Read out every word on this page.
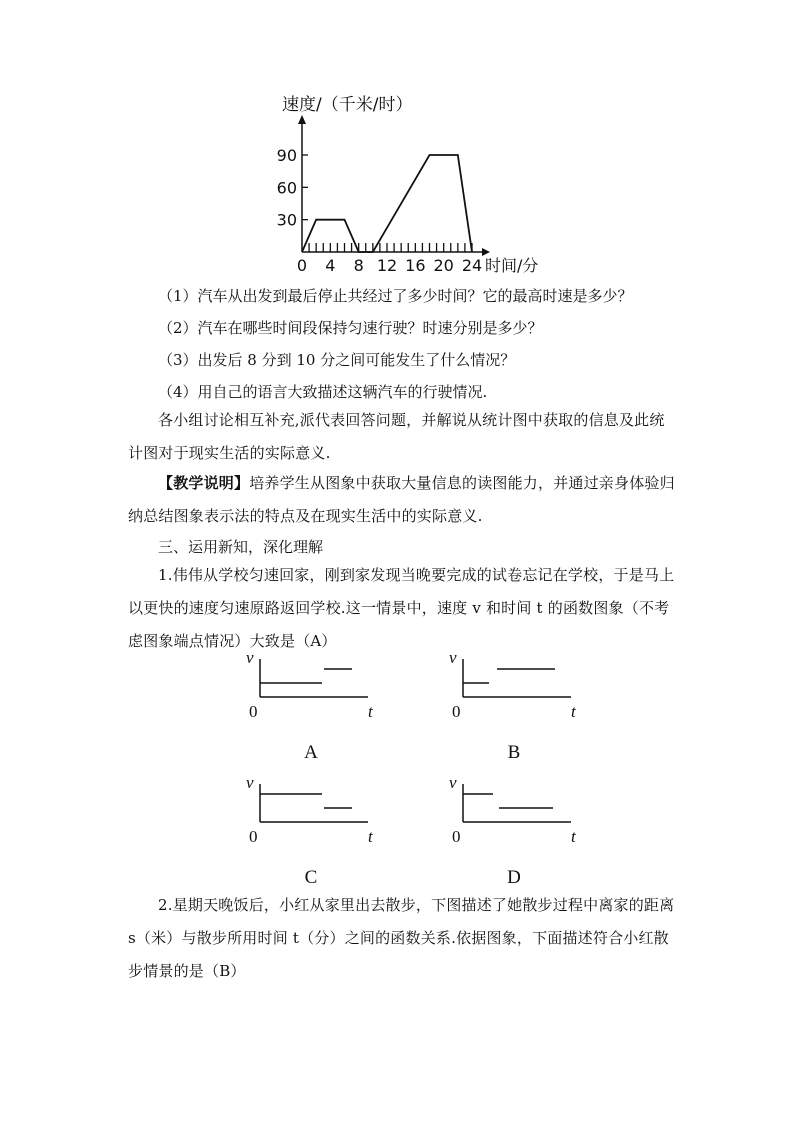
速度/（千米/时）
0 4 8 12 16 20 24
30
60
90
时间/分

（1）汽车从出发到最后停止共经过了多少时间？它的最高时速是多少？

（2）汽车在哪些时间段保持匀速行驶？时速分别是多少？

（3）出发后 8 分到 10 分之间可能发生了什么情况？

（4）用自己的语言大致描述这辆汽车的行驶情况.

各小组讨论相互补充,派代表回答问题，并解说从统计图中获取的信息及此统计图对于现实生活的实际意义.

【教学说明】培养学生从图象中获取大量信息的读图能力，并通过亲身体验归纳总结图象表示法的特点及在现实生活中的实际意义.

三、运用新知，深化理解

1.伟伟从学校匀速回家，刚到家发现当晚要完成的试卷忘记在学校，于是马上以更快的速度匀速原路返回学校.这一情景中，速度 v 和时间 t 的函数图象（不考虑图象端点情况）大致是（A）

v
t
0
A
v
t
0
B
v
t
0
C
v
t
0
D

2.星期天晚饭后，小红从家里出去散步，下图描述了她散步过程中离家的距离 s（米）与散步所用时间 t（分）之间的函数关系.依据图象，下面描述符合小红散步情景的是（B）
